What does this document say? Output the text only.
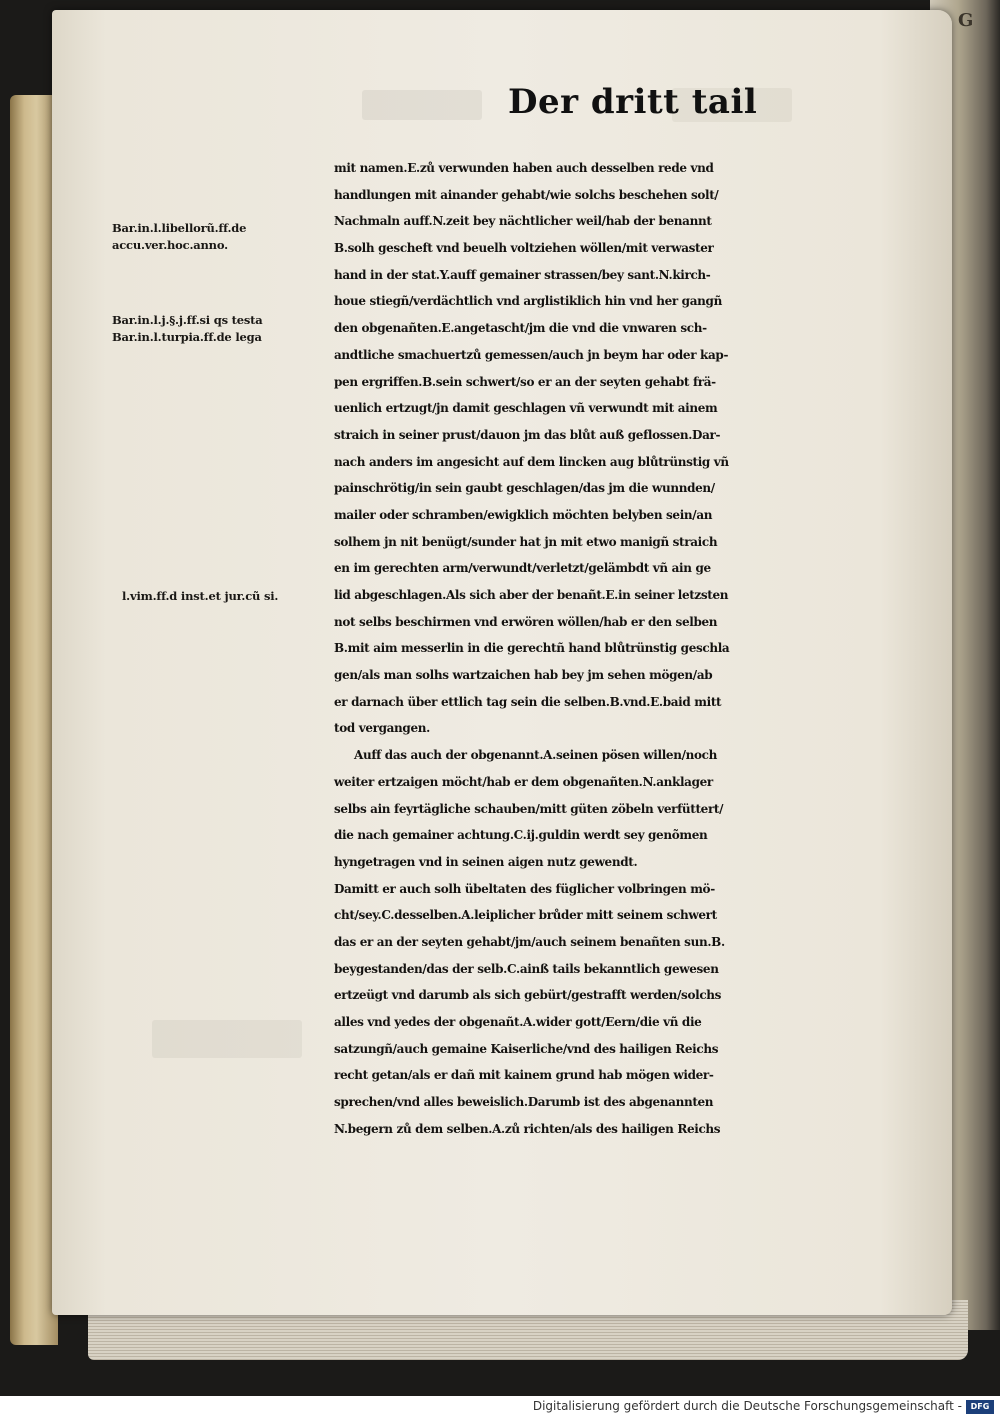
Der dritt tail
Bar.in.l.libellorũ.ff.de
accu.ver.hoc.anno.
Bar.in.l.j.§.j.ff.si qs testa
Bar.in.l.turpia.ff.de lega
l.vim.ff.d inst.et jur.cũ si.
mit namen.E.zů verwunden haben auch desselben rede vnd
handlungen mit ainander gehabt/wie solchs beschehen solt/
Nachmaln auff.N.zeit bey nächtlicher weil/hab der benannt
B.solh gescheft vnd beuelh voltziehen wöllen/mit verwaster
hand in der stat.Y.auff gemainer strassen/bey sant.N.kirch-
houe stiegñ/verdächtlich vnd arglistiklich hin vnd her gangñ
den obgenañten.E.angetascht/jm die vnd die vnwaren sch-
andtliche smachuertzů gemessen/auch jn beym har oder kap-
pen ergriffen.B.sein schwert/so er an der seyten gehabt frä-
uenlich ertzugt/jn damit geschlagen vñ verwundt mit ainem
straich in seiner prust/dauon jm das blůt auß geflossen.Dar-
nach anders im angesicht auf dem lincken aug blůtrünstig vñ
painschrötig/in sein gaubt geschlagen/das jm die wunnden/
mailer oder schramben/ewigklich möchten belyben sein/an
solhem jn nit benügt/sunder hat jn mit etwo manigñ straich
en im gerechten arm/verwundt/verletzt/gelämbdt vñ ain ge
lid abgeschlagen.Als sich aber der benañt.E.in seiner letzsten
not selbs beschirmen vnd erwören wöllen/hab er den selben
B.mit aim messerlin in die gerechtñ hand blůtrünstig geschla
gen/als man solhs wartzaichen hab bey jm sehen mögen/ab
er darnach über ettlich tag sein die selben.B.vnd.E.baid mitt
tod vergangen.
Auff das auch der obgenannt.A.seinen pösen willen/noch
weiter ertzaigen möcht/hab er dem obgenañten.N.anklager
selbs ain feyrtägliche schauben/mitt güten zöbeln verfüttert/
die nach gemainer achtung.C.ij.guldin werdt sey genõmen
hyngetragen vnd in seinen aigen nutz gewendt.
Damitt er auch solh übeltaten des füglicher volbringen mö-
cht/sey.C.desselben.A.leiplicher brůder mitt seinem schwert
das er an der seyten gehabt/jm/auch seinem benañten sun.B.
beygestanden/das der selb.C.ainß tails bekanntlich gewesen
ertzeügt vnd darumb als sich gebürt/gestrafft werden/solchs
alles vnd yedes der obgenañt.A.wider gott/Eern/die vñ die
satzungñ/auch gemaine Kaiserliche/vnd des hailigen Reichs
recht getan/als er dañ mit kainem grund hab mögen wider-
sprechen/vnd alles beweislich.Darumb ist des abgenannten
N.begern zů dem selben.A.zů richten/als des hailigen Reichs
G
Digitalisierung gefördert durch die Deutsche Forschungsgemeinschaft -	DFG
